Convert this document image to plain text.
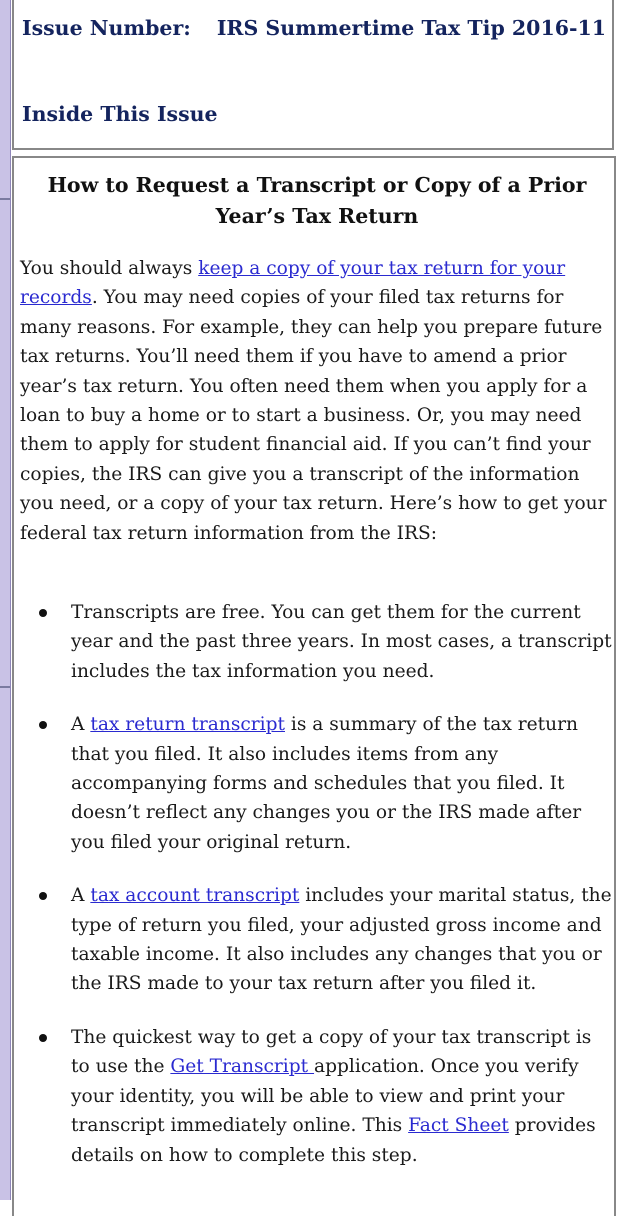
Issue Number: IRS Summertime Tax Tip 2016-11

Inside This Issue

How to Request a Transcript or Copy of a Prior Year’s Tax Return

You should always keep a copy of your tax return for your records. You may need copies of your filed tax returns for many reasons. For example, they can help you prepare future tax returns. You’ll need them if you have to amend a prior year’s tax return. You often need them when you apply for a loan to buy a home or to start a business. Or, you may need them to apply for student financial aid. If you can’t find your copies, the IRS can give you a transcript of the information you need, or a copy of your tax return. Here’s how to get your federal tax return information from the IRS:

Transcripts are free. You can get them for the current year and the past three years. In most cases, a transcript includes the tax information you need.
A tax return transcript is a summary of the tax return that you filed. It also includes items from any accompanying forms and schedules that you filed. It doesn’t reflect any changes you or the IRS made after you filed your original return.
A tax account transcript includes your marital status, the type of return you filed, your adjusted gross income and taxable income. It also includes any changes that you or the IRS made to your tax return after you filed it.
The quickest way to get a copy of your tax transcript is to use the Get Transcript application. Once you verify your identity, you will be able to view and print your transcript immediately online. This Fact Sheet provides details on how to complete this step.
